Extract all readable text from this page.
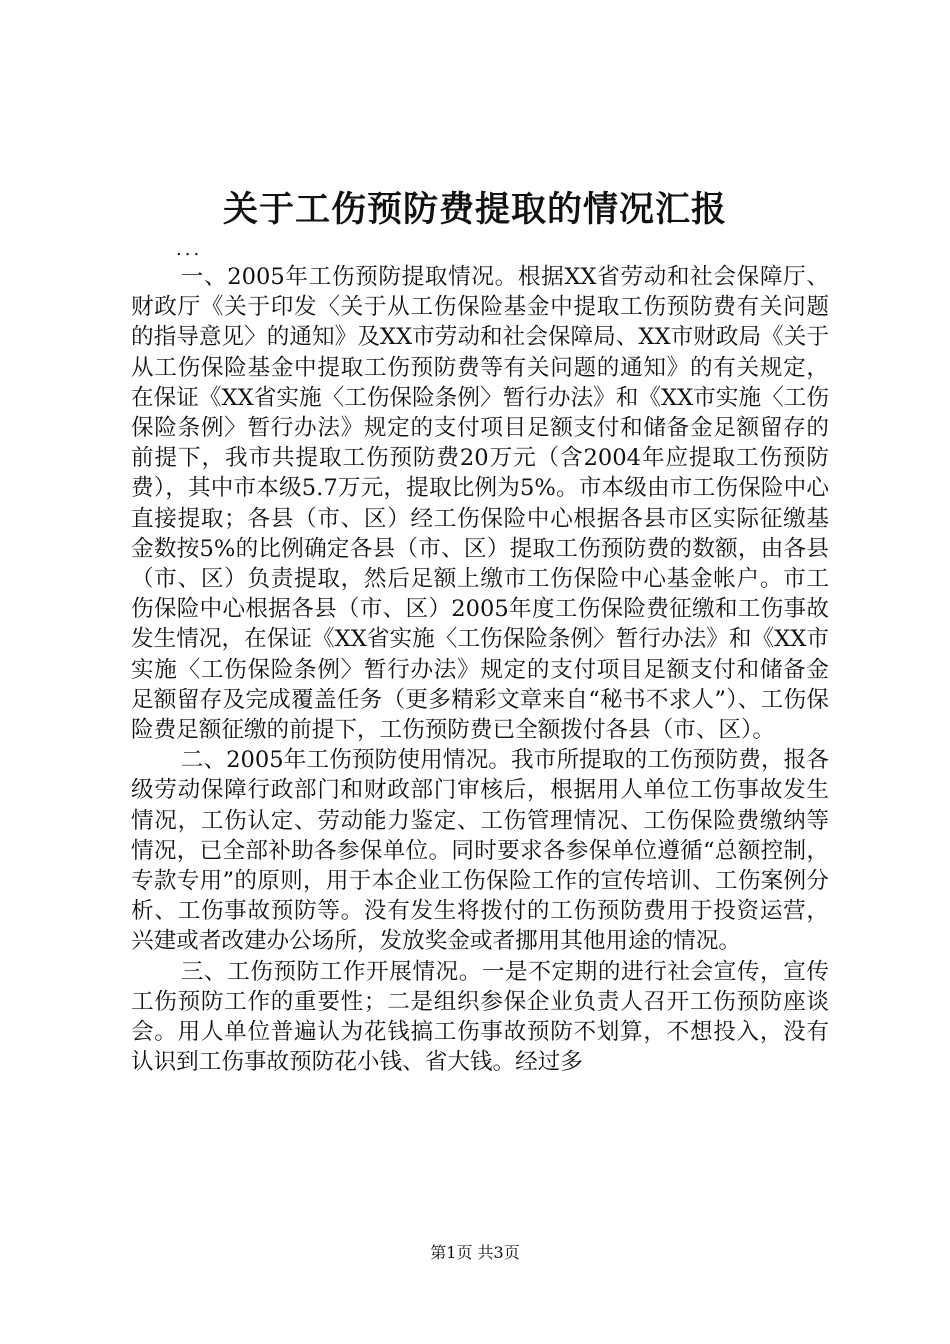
关于工伤预防费提取的情况汇报
...

一、2005年工伤预防提取情况。根据XX省劳动和社会保障厅、财政厅《关于印发〈关于从工伤保险基金中提取工伤预防费有关问题的指导意见〉的通知》及XX市劳动和社会保障局、XX市财政局《关于从工伤保险基金中提取工伤预防费等有关问题的通知》的有关规定，在保证《XX省实施〈工伤保险条例〉暂行办法》和《XX市实施〈工伤保险条例〉暂行办法》规定的支付项目足额支付和储备金足额留存的前提下，我市共提取工伤预防费20万元（含2004年应提取工伤预防费），其中市本级5.7万元，提取比例为5%。市本级由市工伤保险中心直接提取；各县（市、区）经工伤保险中心根据各县市区实际征缴基金数按5%的比例确定各县（市、区）提取工伤预防费的数额，由各县（市、区）负责提取，然后足额上缴市工伤保险中心基金帐户。市工伤保险中心根据各县（市、区）2005年度工伤保险费征缴和工伤事故发生情况，在保证《XX省实施〈工伤保险条例〉暂行办法》和《XX市实施〈工伤保险条例〉暂行办法》规定的支付项目足额支付和储备金足额留存及完成覆盖任务（更多精彩文章来自“秘书不求人”）、工伤保险费足额征缴的前提下，工伤预防费已全额拨付各县（市、区）。

二、2005年工伤预防使用情况。我市所提取的工伤预防费，报各级劳动保障行政部门和财政部门审核后，根据用人单位工伤事故发生情况，工伤认定、劳动能力鉴定、工伤管理情况、工伤保险费缴纳等情况，已全部补助各参保单位。同时要求各参保单位遵循“总额控制，专款专用”的原则，用于本企业工伤保险工作的宣传培训、工伤案例分析、工伤事故预防等。没有发生将拨付的工伤预防费用于投资运营，兴建或者改建办公场所，发放奖金或者挪用其他用途的情况。

三、工伤预防工作开展情况。一是不定期的进行社会宣传，宣传工伤预防工作的重要性；二是组织参保企业负责人召开工伤预防座谈会。用人单位普遍认为花钱搞工伤事故预防不划算，不想投入，没有认识到工伤事故预防花小钱、省大钱。经过多

第1页 共3页
